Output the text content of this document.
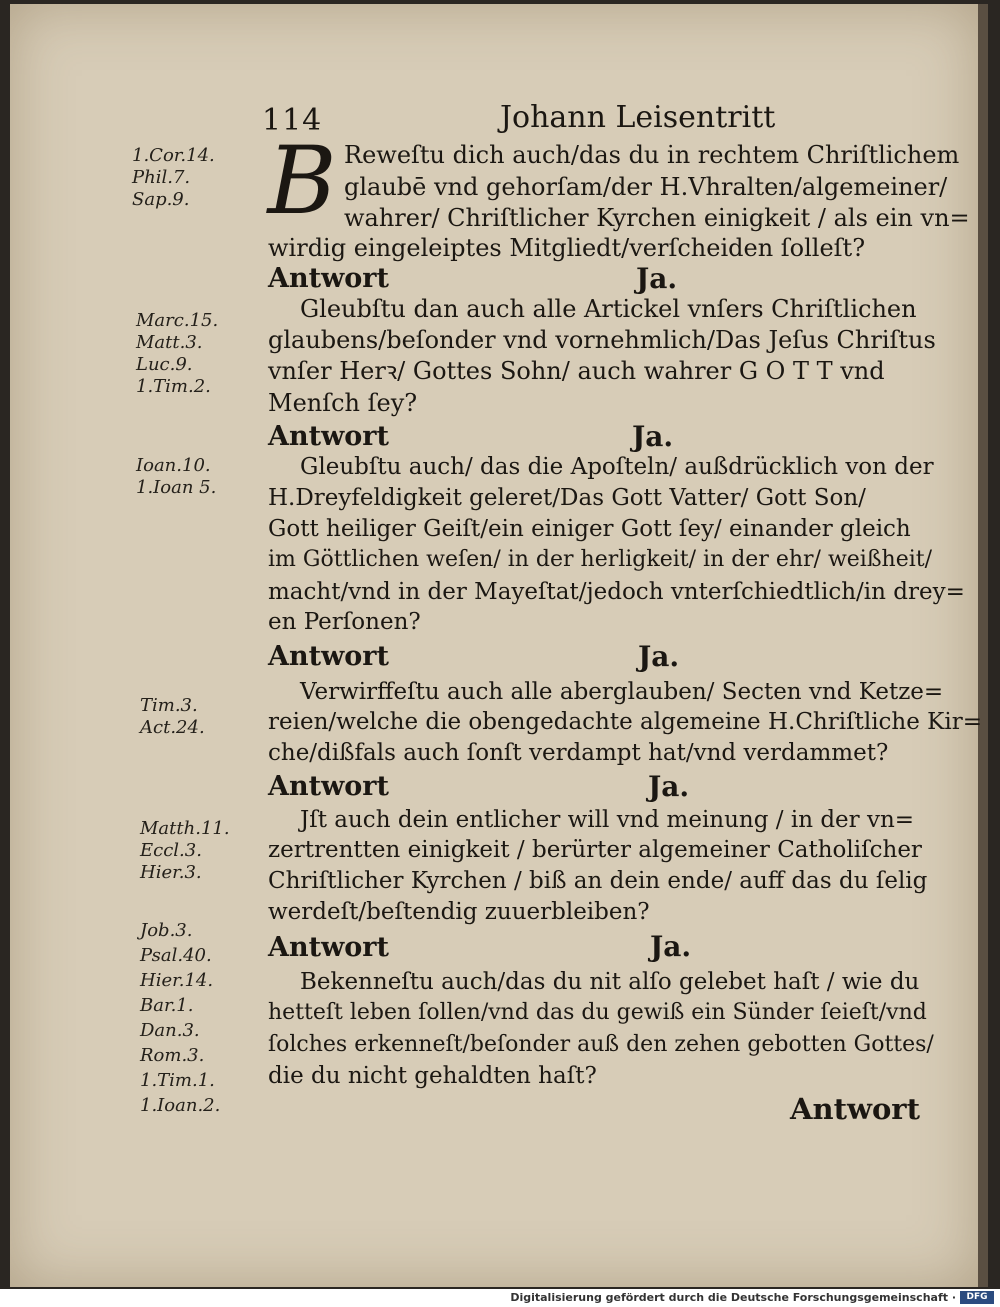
114	Johann Leisentritt
B
1.Cor.14.
Phil.7.
Sap.9.
Marc.15.
Matt.3.
Luc.9.
1.Tim.2.
Ioan.10.
1.Ioan 5.
Tim.3.
Act.24.
Matth.11.
Eccl.3.
Hier.3.
Job.3.
Psal.40.
Hier.14.
Bar.1.
Dan.3.
Rom.3.
1.Tim.1.
1.Ioan.2.
Reweſtu dich auch/das du in rechtem Chriſtlichem
glaubē vnd gehorſam/der H.Vhralten/algemeiner/
wahrer/ Chriſtlicher Kyrchen einigkeit / als ein vn=
wirdig eingeleiptes Mitgliedt/verſcheiden ſolleſt?
Antwort	Ja.
Gleubſtu dan auch alle Artickel vnſers Chriſtlichen
glaubens/beſonder vnd vornehmlich/Das Jeſus Chriſtus
vnſer Herꝛ/ Gottes Sohn/ auch wahrer G O T T vnd
Menſch ſey?
Antwort	Ja.
Gleubſtu auch/ das die Apoſteln/ außdrücklich von der
H.Dreyfeldigkeit geleret/Das Gott Vatter/ Gott Son/
Gott heiliger Geiſt/ein einiger Gott ſey/ einander gleich
im Göttlichen weſen/ in der herligkeit/ in der ehr/ weißheit/
macht/vnd in der Mayeſtat/jedoch vnterſchiedtlich/in drey=
en Perſonen?
Antwort	Ja.
Verwirffeſtu auch alle aberglauben/ Secten vnd Ketze=
reien/welche die obengedachte algemeine H.Chriſtliche Kir=
che/dißfals auch ſonſt verdampt hat/vnd verdammet?
Antwort	Ja.
Jſt auch dein entlicher will vnd meinung / in der vn=
zertrentten einigkeit / berürter algemeiner Catholiſcher
Chriſtlicher Kyrchen / biß an dein ende/ auff das du ſelig
werdeſt/beſtendig zuuerbleiben?
Antwort	Ja.
Bekenneſtu auch/das du nit alſo gelebet haſt / wie du
hetteſt leben ſollen/vnd das du gewiß ein Sünder ſeieſt/vnd
ſolches erkenneſt/beſonder auß den zehen gebotten Gottes/
die du nicht gehaldten haſt?
Antwort
Digitalisierung gefördert durch die Deutsche Forschungsgemeinschaft ·	DFG
